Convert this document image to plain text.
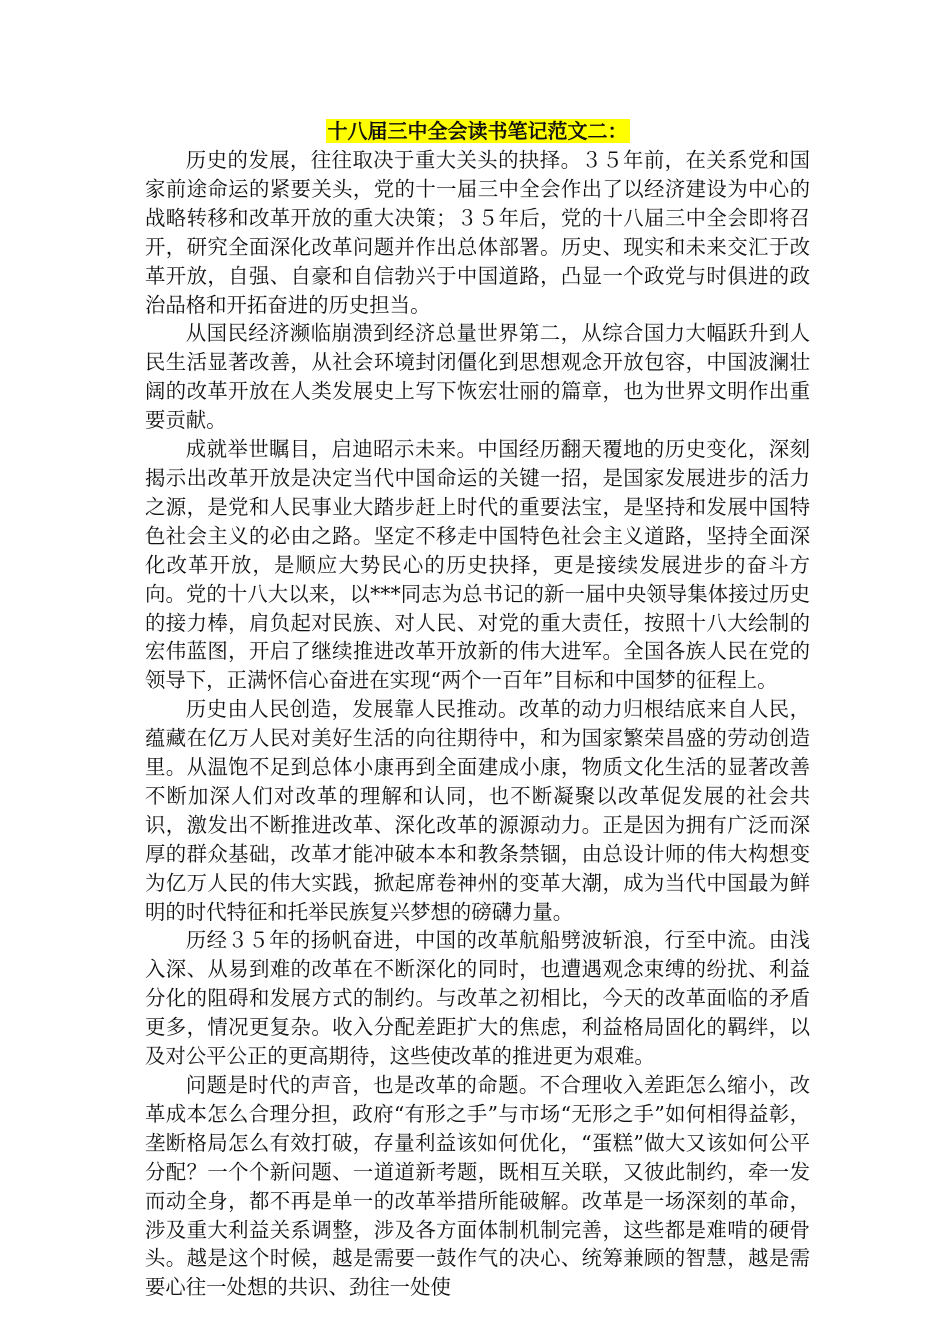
十八届三中全会读书笔记范文二：

历史的发展，往往取决于重大关头的抉择。３５年前，在关系党和国家前途命运的紧要关头，党的十一届三中全会作出了以经济建设为中心的战略转移和改革开放的重大决策；３５年后，党的十八届三中全会即将召开，研究全面深化改革问题并作出总体部署。历史、现实和未来交汇于改革开放，自强、自豪和自信勃兴于中国道路，凸显一个政党与时俱进的政治品格和开拓奋进的历史担当。

从国民经济濒临崩溃到经济总量世界第二，从综合国力大幅跃升到人民生活显著改善，从社会环境封闭僵化到思想观念开放包容，中国波澜壮阔的改革开放在人类发展史上写下恢宏壮丽的篇章，也为世界文明作出重要贡献。

成就举世瞩目，启迪昭示未来。中国经历翻天覆地的历史变化，深刻揭示出改革开放是决定当代中国命运的关键一招，是国家发展进步的活力之源，是党和人民事业大踏步赶上时代的重要法宝，是坚持和发展中国特色社会主义的必由之路。坚定不移走中国特色社会主义道路，坚持全面深化改革开放，是顺应大势民心的历史抉择，更是接续发展进步的奋斗方向。党的十八大以来，以***同志为总书记的新一届中央领导集体接过历史的接力棒，肩负起对民族、对人民、对党的重大责任，按照十八大绘制的宏伟蓝图，开启了继续推进改革开放新的伟大进军。全国各族人民在党的领导下，正满怀信心奋进在实现“两个一百年”目标和中国梦的征程上。

历史由人民创造，发展靠人民推动。改革的动力归根结底来自人民，蕴藏在亿万人民对美好生活的向往期待中，和为国家繁荣昌盛的劳动创造里。从温饱不足到总体小康再到全面建成小康，物质文化生活的显著改善不断加深人们对改革的理解和认同，也不断凝聚以改革促发展的社会共识，激发出不断推进改革、深化改革的源源动力。正是因为拥有广泛而深厚的群众基础，改革才能冲破本本和教条禁锢，由总设计师的伟大构想变为亿万人民的伟大实践，掀起席卷神州的变革大潮，成为当代中国最为鲜明的时代特征和托举民族复兴梦想的磅礴力量。

历经３５年的扬帆奋进，中国的改革航船劈波斩浪，行至中流。由浅入深、从易到难的改革在不断深化的同时，也遭遇观念束缚的纷扰、利益分化的阻碍和发展方式的制约。与改革之初相比，今天的改革面临的矛盾更多，情况更复杂。收入分配差距扩大的焦虑，利益格局固化的羁绊，以及对公平公正的更高期待，这些使改革的推进更为艰难。

问题是时代的声音，也是改革的命题。不合理收入差距怎么缩小，改革成本怎么合理分担，政府“有形之手”与市场“无形之手”如何相得益彰，垄断格局怎么有效打破，存量利益该如何优化，“蛋糕”做大又该如何公平分配？一个个新问题、一道道新考题，既相互关联，又彼此制约，牵一发而动全身，都不再是单一的改革举措所能破解。改革是一场深刻的革命，涉及重大利益关系调整，涉及各方面体制机制完善，这些都是难啃的硬骨头。越是这个时候，越是需要一鼓作气的决心、统筹兼顾的智慧，越是需要心往一处想的共识、劲往一处使
